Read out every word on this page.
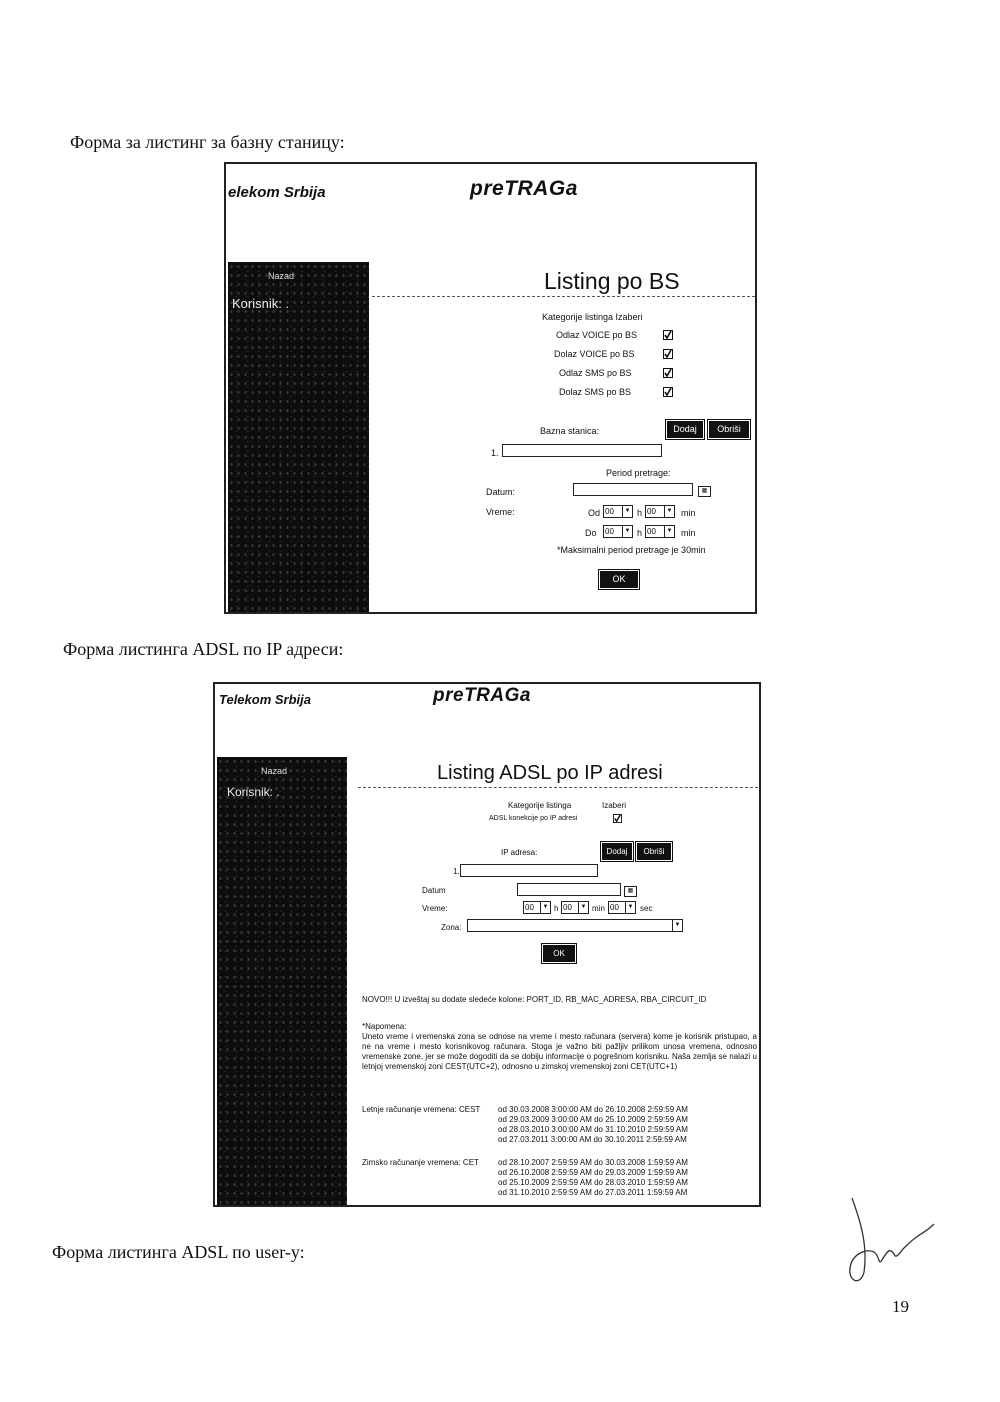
Форма за листинг за базну станицу:
elekom Srbija	preTRAGa
Nazad
Korisnik: .
Listing po BS
Kategorije listinga Izaberi
Odlaz VOICE po BS
Dolaz VOICE po BS
Odlaz SMS po BS
Dolaz SMS po BS
Bazna stanica:	Dodaj	Obriši
1.
Period pretrage:
Datum:	▦
Vreme:	Od 00	▼ h 00	▼ min
Do 00	▼ h 00	▼ min
*Maksimalni period pretrage je 30min
OK
Форма листинга ADSL по IP адреси:
Telekom Srbija	preTRAGa
Nazad
Korisnik: .
Listing ADSL po IP adresi
Kategorije listinga	Izaberi
ADSL konekcije po IP adresi
IP adresa:	Dodaj	Obriši
1.
Datum	▦
Vreme:	00	▼ h 00	▼ min 00	▼ sec
Zona:	▼
OK
NOVO!!! U izveštaj su dodate sledeće kolone: PORT_ID, RB_MAC_ADRESA, RBA_CIRCUIT_ID
*Napomena:
Uneto vreme i vremenska zona se odnose na vreme i mesto računara (servera) kome je korisnik pristupao, a ne na vreme i mesto korisnikovog računara. Stoga je važno biti pažljiv prilikom unosa vremena, odnosno vremenske zone, jer se može dogoditi da se dobiju informacije o pogrešnom korisniku. Naša zemlja se nalazi u letnjoj vremenskoj zoni CEST(UTC+2), odnosno u zimskoj vremenskoj zoni CET(UTC+1)
Letnje računanje vremena: CEST od 30.03.2008 3:00:00 AM do 26.10.2008 2:59:59 AM
od 29.03.2009 3:00:00 AM do 25.10.2009 2:59:59 AM
od 28.03.2010 3:00:00 AM do 31.10.2010 2:59:59 AM
od 27.03.2011 3:00:00 AM do 30.10.2011 2:59:59 AM
Zimsko računanje vremena: CET od 28.10.2007 2:59:59 AM do 30.03.2008 1:59:59 AM
od 26.10.2008 2:59:59 AM do 29.03.2009 1:59:59 AM
od 25.10.2009 2:59:59 AM do 28.03.2010 1:59:59 AM
od 31.10.2010 2:59:59 AM do 27.03.2011 1:59:59 AM
Форма листинга ADSL по user-у:
19
